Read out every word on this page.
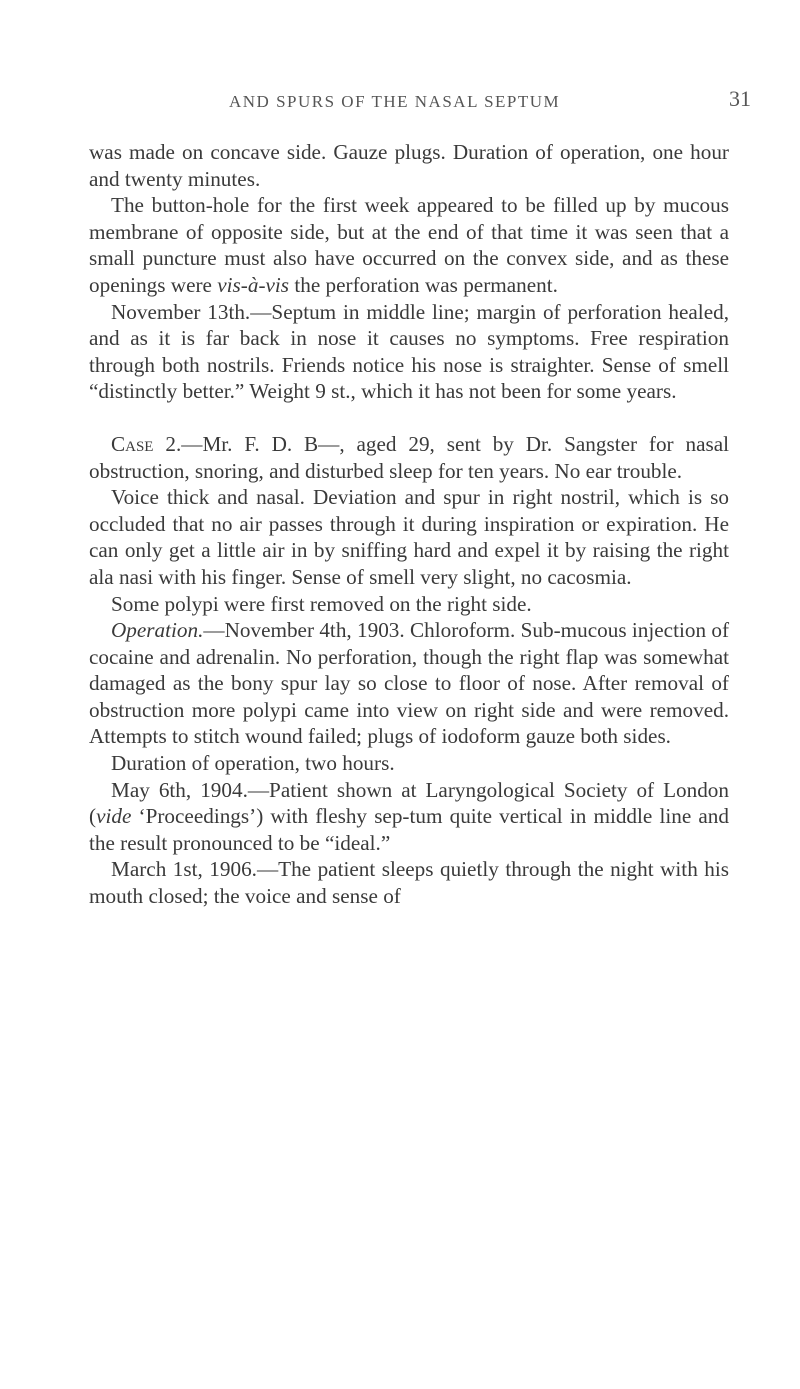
AND SPURS OF THE NASAL SEPTUM	31

was made on concave side. Gauze plugs. Duration of operation, one hour and twenty minutes.

The button-hole for the first week appeared to be filled up by mucous membrane of opposite side, but at the end of that time it was seen that a small puncture must also have occurred on the convex side, and as these openings were vis-à-vis the perforation was permanent.

November 13th.—Septum in middle line; margin of perforation healed, and as it is far back in nose it causes no symptoms. Free respiration through both nostrils. Friends notice his nose is straighter. Sense of smell “distinctly better.” Weight 9 st., which it has not been for some years.

Case 2.—Mr. F. D. B—, aged 29, sent by Dr. Sangster for nasal obstruction, snoring, and disturbed sleep for ten years. No ear trouble.

Voice thick and nasal. Deviation and spur in right nostril, which is so occluded that no air passes through it during inspiration or expiration. He can only get a little air in by sniffing hard and expel it by raising the right ala nasi with his finger. Sense of smell very slight, no cacosmia.

Some polypi were first removed on the right side.

Operation.—November 4th, 1903. Chloroform. Sub-mucous injection of cocaine and adrenalin. No perforation, though the right flap was somewhat damaged as the bony spur lay so close to floor of nose. After removal of obstruction more polypi came into view on right side and were removed. Attempts to stitch wound failed; plugs of iodoform gauze both sides.

Duration of operation, two hours.

May 6th, 1904.—Patient shown at Laryngological Society of London (vide ‘Proceedings’) with fleshy sep-tum quite vertical in middle line and the result pronounced to be “ideal.”

March 1st, 1906.—The patient sleeps quietly through the night with his mouth closed; the voice and sense of
